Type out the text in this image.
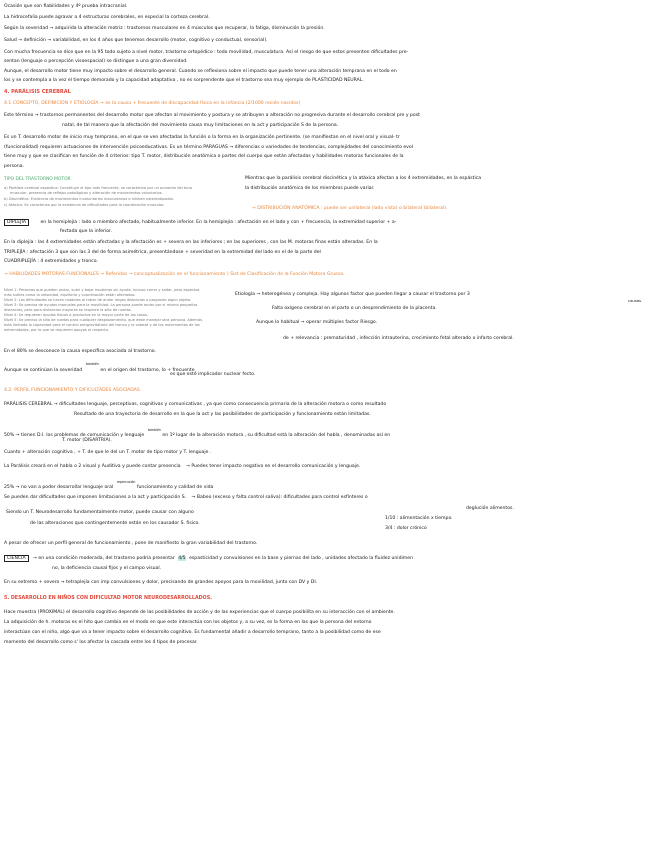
Ocasión que son fiabilidades y 4º prueba intracranial.
La hidrocefalia puede agravar a 4 estructuras cerebrales, en especial la corteza cerebral.
Según la severidad → adquirida la alteración motriz : trastornos musculares en 4 músculos que recuperar, la fatiga, disminución la presión.
Salud → definición → variabilidad, en los 4 años que tenemos desarrollo (motor, cognitivo y conductual, sensorial).
Con mucha frecuencia se dice que en la 95 todo sujeto a nivel motor, trastorno ortopédico : todo movilidad, musculatura. Así el riesgo de que estos presenten dificultades pre-
sentan (lenguaje o percepción visoespacial) se distingue a una gran diversidad.
Aunque, el desarrollo motor tiene muy impacto sobre el desarrollo general. Cuando se reflexiona sobre el impacto que puede tener una alteración temprana en el todo en
los y se contempla a la vez el tiempo demorado y la capacidad adaptativa , no es sorprendente que el trastorno sea muy ejemplo de PLASTICIDAD NEURAL.
4. PARÁLISIS CEREBRAL
4.1 CONCEPTO, DEFINICIÓN Y ETIOLOGÍA → es la causa + frecuente de discapacidad física en la infancia (2/1000 recién nacidos)
Este término → trastornos permanentes del desarrollo motor que afectan al movimiento y postura y se atribuyen a alteración no progresiva durante el desarrollo cerebral pre y post
natal, de tal manera que la afectación del movimiento causa muy limitaciones en la act y participación S de la persona.
Es un T. desarrollo motor de inicio muy temprano, en el que se ven afectadas la función o la forma en la organización pertinente. (se manifiestan en el nivel oral y visual- tr
(funcionalidad) requieren actuaciones de intervención psicoeducativas. Es un término PARAGUAS → diferencias o variedades de tendencias, complejidades del conocimiento evol
tiene muy y que se clasifican en función de 4 criterios: tipo T. motor, distribución anatómica o partes del cuerpo que están afectadas y habilidades motoras funcionales de la
persona.
TIPO DEL TRASTORNO MOTOR
a) Parálisis cerebral espástica: Constituye el tipo más frecuente, se caracteriza por un aumento del tono
muscular, presencia de reflejos patológicos y alteración de movimientos voluntarios.
b) Discinética: Evidencia de movimientos involuntarios involuntarios e inhiben estereotipados.
c) Atáxica: Se caracteriza por la existencia de dificultades para la coordinación muscular.
Mientras que la parálisis cerebral discinética y la atáxica afectan a los 4 extremidades, en la espástica
la distribución anatómica de los miembros puede variar.
→ DISTRIBUCIÓN ANATÓMICA : puede ser unilateral (lado vista) o bilateral (bilateral).
DIPLEJÍA	en la hemiplejía : lado o miembro afectado, habitualmente inferior. En la hemiplejía : afectación en el lado y con + frecuencia, la extremidad superior + a-
fectada que la inferior.
En la diplejía : las 4 extremidades están afectadas y la afectación es + severa en las inferiores ; en las superiores , con las M. motoras finas están alteradas. En la
TRIPLEJÍA : afectación 3 que son las 3 del de forma asimétrica, presentándose + severidad en la extremidad del lado en el de la parte del
CUADRIPLEJÍA : 4 extremidades y tronco.
→ HABILIDADES MOTORAS FUNCIONALES → Referidas → conceptualización en el funcionamiento ) Sist de Clasificación de la Función Motora Gruesa.
Nivel 1: Personas que pueden andar, subir y bajar escaleras sin ayuda, incluso correr y saltar, pero aspectos
más sutiles como la velocidad, equilibrio y coordinación están afectados.
Nivel 2: Las dificultades se hacen notables al tratar de andar largas distancias o pargando algún objeto.
Nivel 3: Se precisa de ayudas manuales para la movilidad. La persona puede andar por si misma pequeñas
distancias, pero para distancias mayores se requiere la silla de ruedas.
Nivel 4: Se requieren ayudas físicas o productos en la mayor parte de los casos.
Nivel 5: Se precisa la silla de ruedas para cualquier desplazamiento, que debe manejar otra persona. Además,
está limitada la capacidad para el control antigravitatorio del tronco y la cabeza y de los movimientos de las
extremidades, por lo que se requieren apoyos al respecto.
Etiología → heterogénea y compleja. Hay algunos factor que pueden llegar a causar el trastorno por 3
causas
Falta oxígeno cerebral en el parto o un desprendimiento de la placenta.
Aunque lo habitual → operar múltiples factor Riesgo.
de + relevancia : prematuridad , infección intrauterina, crecimiento fetal alterado o infarto cerebral.
En el 80% se desconoce la causa específica asociada al trastorno.
Aunque se continúan la severidad $^{también}$ en el origen del trastorno, lo + frecuente
es que esté implicador nuclear fecto.
4.2. PERFIL FUNCIONAMIENTO Y DIFICULTADES ASOCIADAS.
PARÁLISIS CEREBRAL → dificultades lenguaje, perceptivas, cognitivas y comunicativas , ya que como consecuencia primaria de la alteración motora o como resultado
Resultado de una trayectoria de desarrollo en la que la act y las posibilidades de participación y funcionamiento están limitadas.
50% → tienen D.I. los problemas de comunicación y lenguaje $^{también}$ en 1º lugar de la alteración motora , su dificultad está la alteración del habla , denominadas así en
T. motor (DISARTRIA).
Cuanto + alteración cognitiva , + T. de que le del un T. motor de tipo motor y T. lenguaje .
La Parálisis creará en el habla o 2 visual y Auditiva y puede contar presencia → Puedes tener impacto negativo en el desarrollo comunicación y lenguaje.
25% → no van a poder desarrollar lenguaje oral $^{repercusión}$ funcionamiento y calidad de vida
Se pueden dar dificultades que imponen limitaciones a la act y participación S. → Babeo (exceso y falta control saliva): dificultades para control esfínteres o
deglución alimentos.
1/10 : alimentación x tiempo.
3/4 : dolor crónico
Siendo un T. Neurodesarrollo fundamentalmente motor, puede causar con alguno
de las alteraciones que contingentemente están en los causador S. físico.
A pesar de ofrecer un perfil general de funcionamiento , pone de manifiesto la gran variabilidad del trastorno.
CIENCIA → en una condición moderada, del trastorno podría presentar 4/5 espasticidad y convulsiones en la base y piernas del lado , unidades afectado la fluidez unidimen
no, la deficiencia causal fijos y el campo visual.
En su extremo + severo → tetraplejía con imp convulsiones y dolor, precisando de grandes apoyos para la movilidad, junto con DV y DI.
5. DESARROLLO EN NIÑOS CON DIFICULTAD MOTOR NEURODESARROLLADOS.
Hace muestra (PROXIMAL) el desarrollo cognitivo depende de las posibilidades de acción y de las experiencias que el cuerpo posibilita en su interacción con el ambiente.
La adquisición de h. motoras es el hito que cambia en el modo en que este interactúa con los objetos y, a su vez, es la forma en las que la persona del entorno
interactúan con el niño, algo que va a tener impacto sobre el desarrollo cognitivo. Es fundamental añadir a desarrollo temprano, tanto a la posibilidad como de ese
momento del desarrollo como s' los afectar la cascada entre los 4 tipos de procesar.
